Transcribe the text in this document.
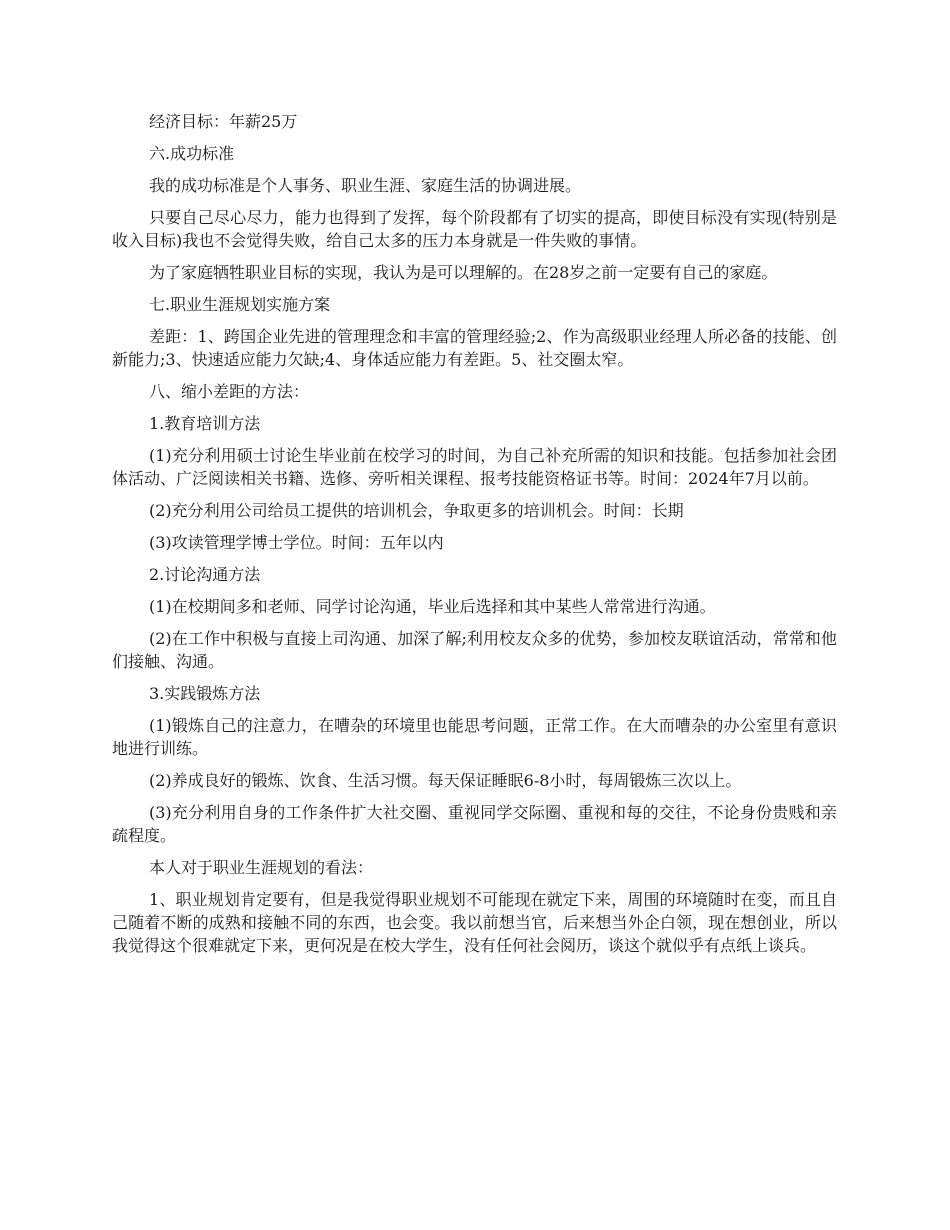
经济目标：年薪25万

六.成功标准

我的成功标准是个人事务、职业生涯、家庭生活的协调进展。

只要自己尽心尽力，能力也得到了发挥，每个阶段都有了切实的提高，即使目标没有实现(特别是收入目标)我也不会觉得失败，给自己太多的压力本身就是一件失败的事情。

为了家庭牺牲职业目标的实现，我认为是可以理解的。在28岁之前一定要有自己的家庭。

七.职业生涯规划实施方案

差距：1、跨国企业先进的管理理念和丰富的管理经验;2、作为高级职业经理人所必备的技能、创新能力;3、快速适应能力欠缺;4、身体适应能力有差距。5、社交圈太窄。

八、缩小差距的方法：

1.教育培训方法

(1)充分利用硕士讨论生毕业前在校学习的时间，为自己补充所需的知识和技能。包括参加社会团体活动、广泛阅读相关书籍、选修、旁听相关课程、报考技能资格证书等。时间：2024年7月以前。

(2)充分利用公司给员工提供的培训机会，争取更多的培训机会。时间：长期

(3)攻读管理学博士学位。时间：五年以内

2.讨论沟通方法

(1)在校期间多和老师、同学讨论沟通，毕业后选择和其中某些人常常进行沟通。

(2)在工作中积极与直接上司沟通、加深了解;利用校友众多的优势，参加校友联谊活动，常常和他们接触、沟通。

3.实践锻炼方法

(1)锻炼自己的注意力，在嘈杂的环境里也能思考问题，正常工作。在大而嘈杂的办公室里有意识地进行训练。

(2)养成良好的锻炼、饮食、生活习惯。每天保证睡眠6-8小时，每周锻炼三次以上。

(3)充分利用自身的工作条件扩大社交圈、重视同学交际圈、重视和每的交往，不论身份贵贱和亲疏程度。

本人对于职业生涯规划的看法：

1、职业规划肯定要有，但是我觉得职业规划不可能现在就定下来，周围的环境随时在变，而且自己随着不断的成熟和接触不同的东西，也会变。我以前想当官，后来想当外企白领，现在想创业，所以我觉得这个很难就定下来，更何况是在校大学生，没有任何社会阅历，谈这个就似乎有点纸上谈兵。
